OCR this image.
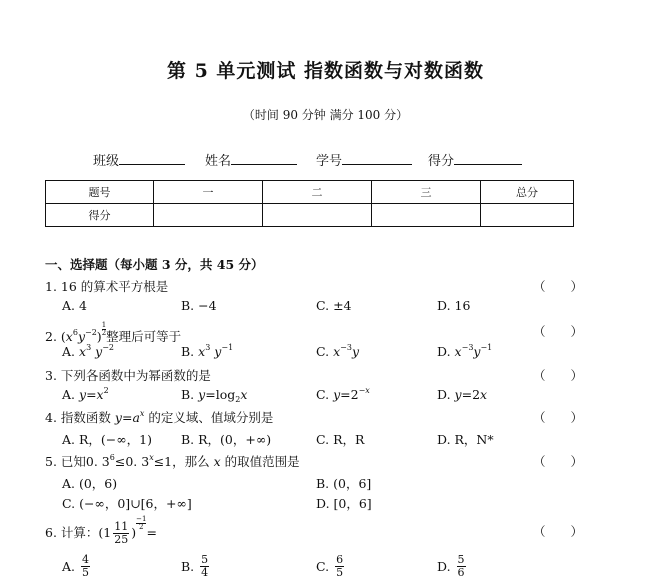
第 5 单元测试 指数函数与对数函数
（时间 90 分钟 满分 100 分）
班级	姓名	学号	得分
题号	一	二	三	总分
得分				
一、选择题（每小题 3 分，共 45 分）
1. 16 的算术平方根是	（　　）
A. 4	B. −4	C. ±4	D. 16
2. $(x^6y^{-2}) \frac{1}{2}$ 整理后可等于	（　　）
A. $x^3$ $y^{-2}$	B. $x^3$ $y^{-1}$	C. $x^{-3}y$	D. $x^{-3}y^{-1}$
3. 下列各函数中为幂函数的是	（　　）
A. $y=x^2$	B. $y=\log_2x$	C. $y=2^{-x}$	D. y=2x
4. 指数函数 $y=a^x$ 的定义域、值域分别是	（　　）
A. R，(−∞，1) B. R，(0，+∞)	C. R，R	D. R，N*
5. 已知0. $3^6\le 0$. $3^x\le 1$，那么 x 的取值范围是	（　　）
A. (0，6)	B. (0，6]
C. (−∞，0]∪[6，+∞]	D. [0，6]
6. 计算：($1 \frac{11}{25}$ )
$\frac{-1}{2}$
=	（　　）
A. $\frac{4}{5}$	B. $\frac{5}{4}$	C. $\frac{6}{5}$	D. $\frac{5}{6}$
